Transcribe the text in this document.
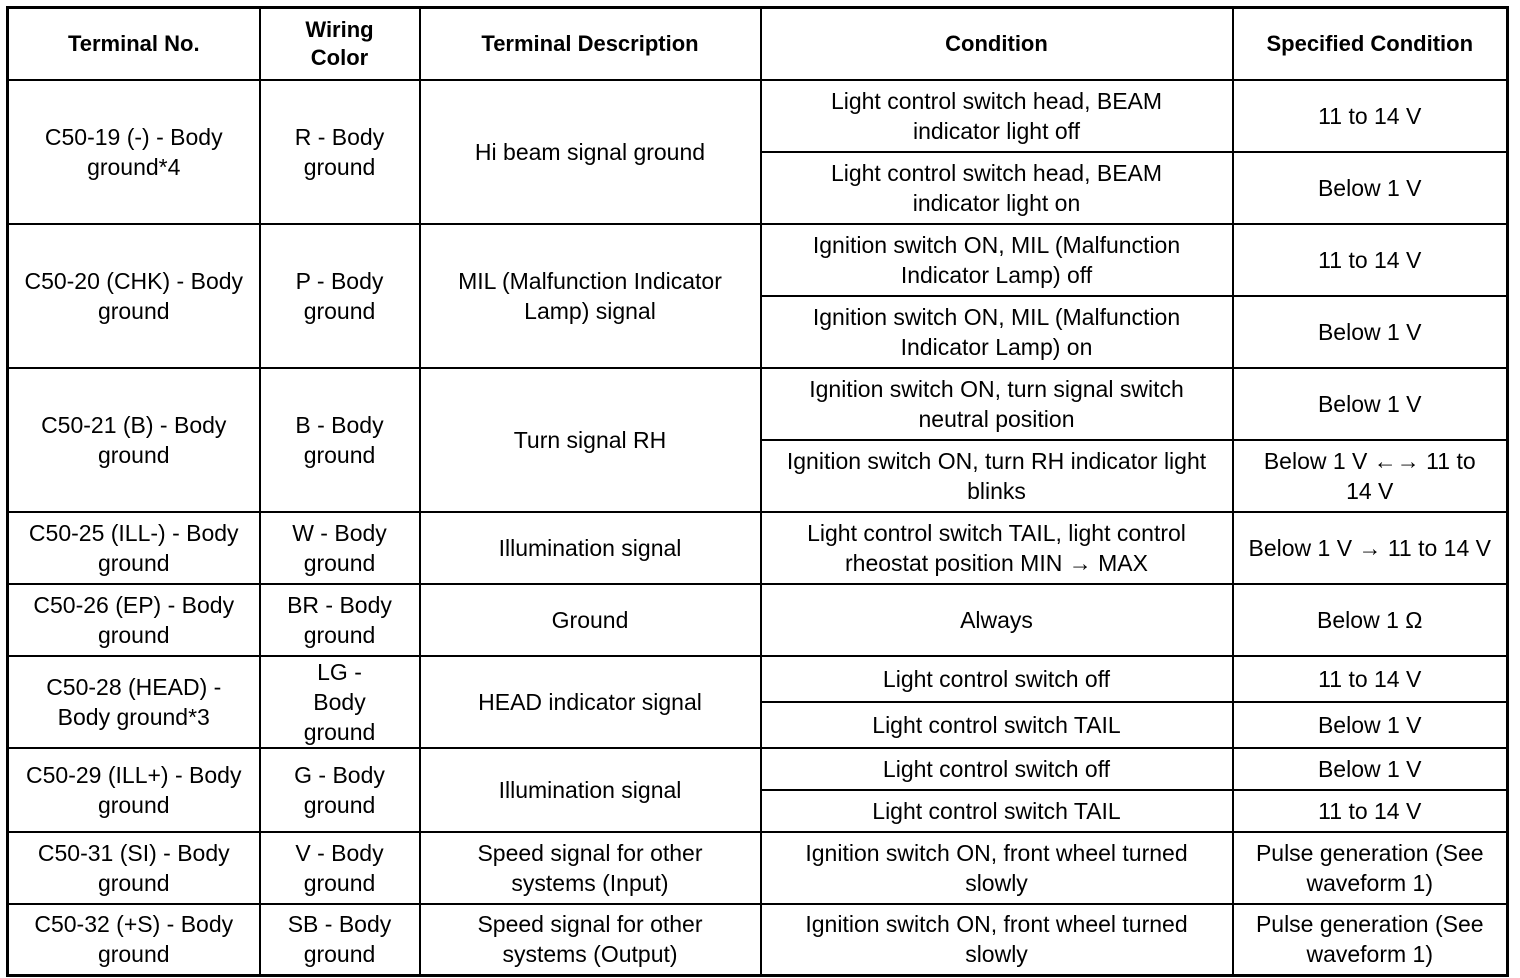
Terminal No.	Wiring Color	Terminal Description	Condition	Specified Condition
C50-19 (-) - Body ground*4	R - Body ground	Hi beam signal ground	Light control switch head, BEAM indicator light off	11 to 14 V
			Light control switch head, BEAM indicator light on	Below 1 V
C50-20 (CHK) - Body ground	P - Body ground	MIL (Malfunction Indicator Lamp) signal	Ignition switch ON, MIL (Malfunction Indicator Lamp) off	11 to 14 V
			Ignition switch ON, MIL (Malfunction Indicator Lamp) on	Below 1 V
C50-21 (B) - Body ground	B - Body ground	Turn signal RH	Ignition switch ON, turn signal switch neutral position	Below 1 V
			Ignition switch ON, turn RH indicator light blinks	Below 1 V ←→ 11 to 14 V
C50-25 (ILL-) - Body ground	W - Body ground	Illumination signal	Light control switch TAIL, light control rheostat position MIN → MAX	Below 1 V → 11 to 14 V
C50-26 (EP) - Body ground	BR - Body ground	Ground	Always	Below 1 Ω
C50-28 (HEAD) - Body ground*3	LG - Body ground	HEAD indicator signal	Light control switch off	11 to 14 V
			Light control switch TAIL	Below 1 V
C50-29 (ILL+) - Body ground	G - Body ground	Illumination signal	Light control switch off	Below 1 V
			Light control switch TAIL	11 to 14 V
C50-31 (SI) - Body ground	V - Body ground	Speed signal for other systems (Input)	Ignition switch ON, front wheel turned slowly	Pulse generation (See waveform 1)
C50-32 (+S) - Body ground	SB - Body ground	Speed signal for other systems (Output)	Ignition switch ON, front wheel turned slowly	Pulse generation (See waveform 1)
